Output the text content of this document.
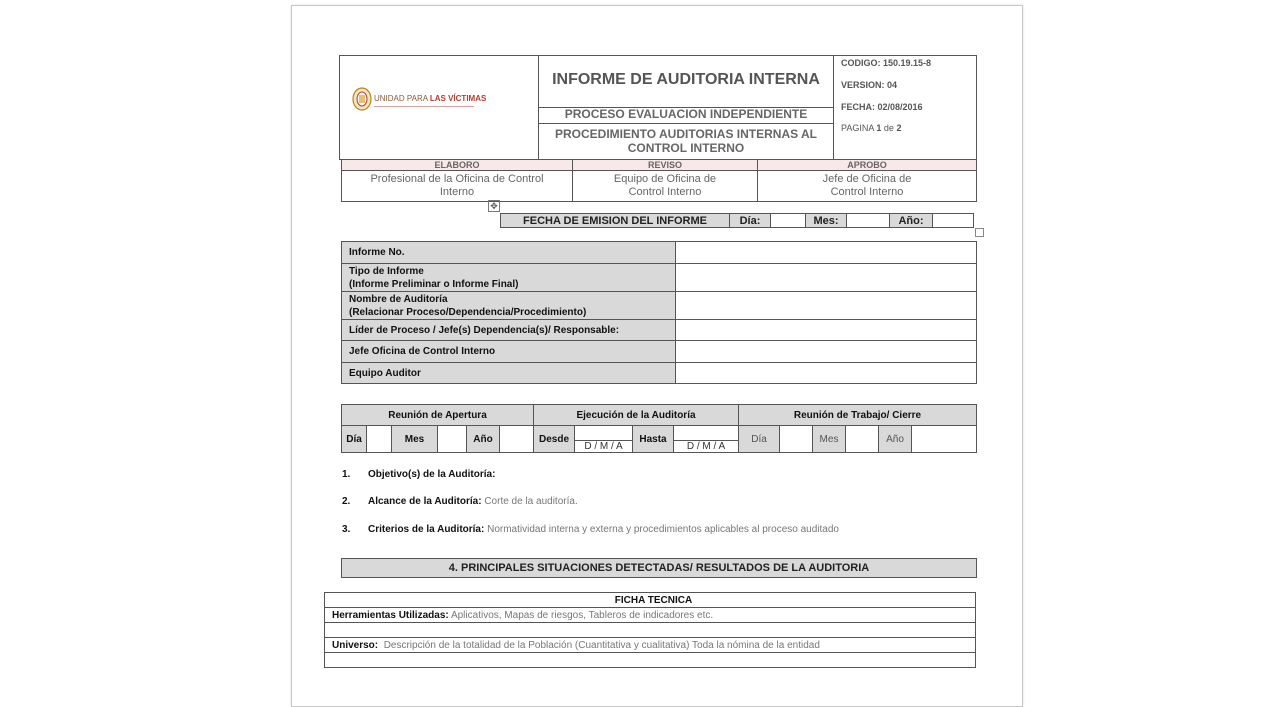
UNIDAD PARA LAS VÍCTIMAS
INFORME DE AUDITORIA INTERNA
PROCESO EVALUACION INDEPENDIENTE
PROCEDIMIENTO AUDITORIAS INTERNAS AL CONTROL INTERNO
CODIGO: 150.19.15-8
VERSION: 04
FECHA: 02/08/2016
PAGINA 1 de 2
ELABORO	REVISO	APROBO
Profesional de la Oficina de Control Interno	Equipo de Oficina de Control Interno	Jefe de Oficina de Control Interno
✥
FECHA DE EMISION DEL INFORME	Día:		Mes:		Año:	
Informe No.	

Tipo de Informe
(Informe Preliminar o Informe Final)	

Nombre de Auditoría
(Relacionar Proceso/Dependencia/Procedimiento)	

Líder de Proceso / Jefe(s) Dependencia(s)/ Responsable:	
Jefe Oficina de Control Interno	
Equipo Auditor	
Reunión de Apertura						Ejecución de la Auditoría				Reunión de Trabajo/ Cierre					
Día		Mes		Año		Desde	D / M / A	Hasta	D / M / A	Día		Mes		Año	
1. Objetivo(s) de la Auditoría:
2. Alcance de la Auditoría: Corte de la auditoría.
3. Criterios de la Auditoría: Normatividad interna y externa y procedimientos aplicables al proceso auditado
4. PRINCIPALES SITUACIONES DETECTADAS/ RESULTADOS DE LA AUDITORIA
FICHA TECNICA
Herramientas Utilizadas: Aplicativos, Mapas de riesgos, Tableros de indicadores etc.

Universo: Descripción de la totalidad de la Población (Cuantitativa y cualitativa) Toda la nómina de la entidad
